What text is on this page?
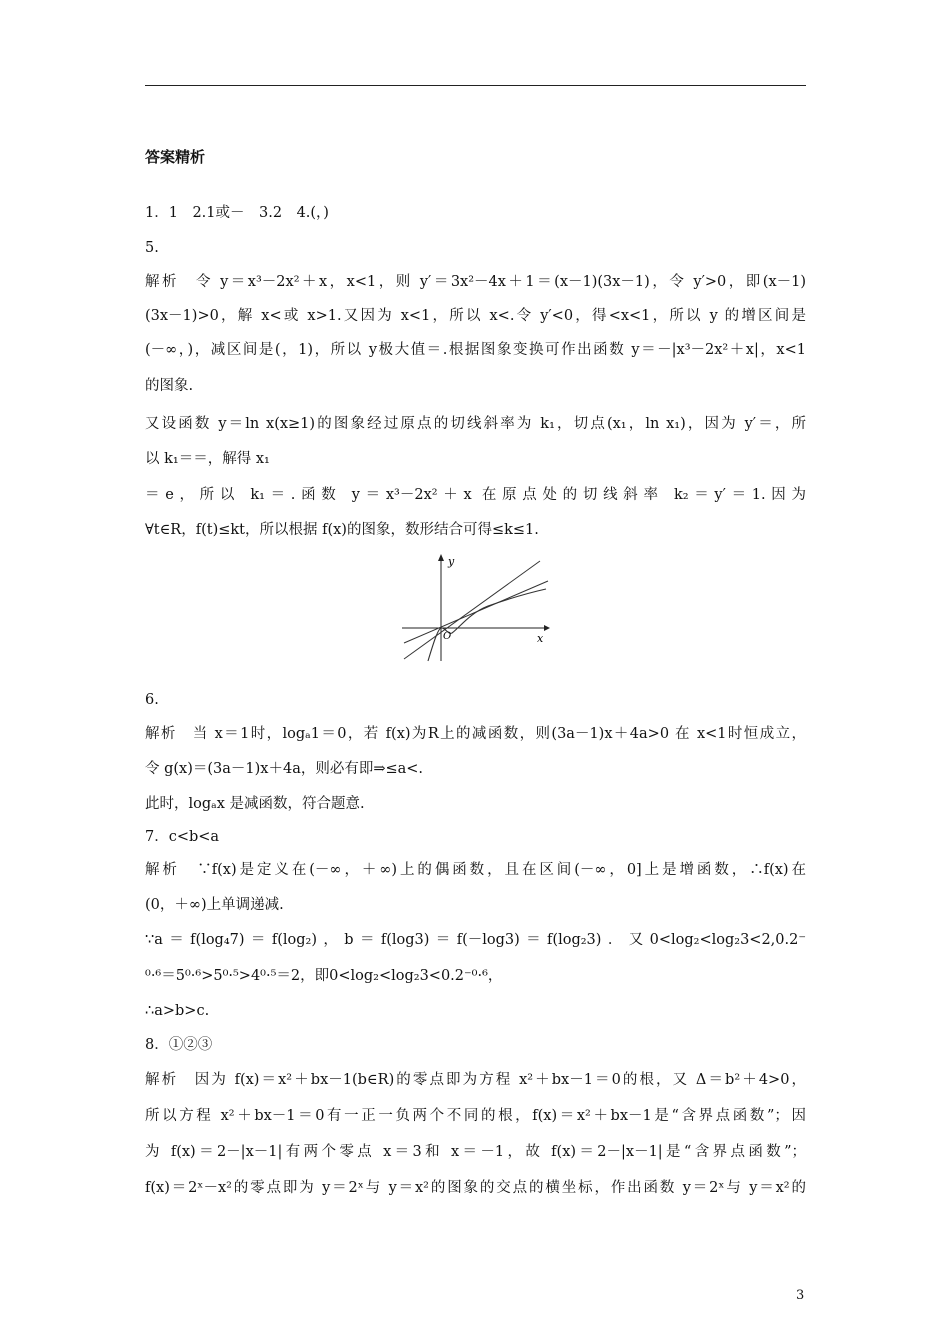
答案精析
1．1　2.1或－　3.2　4.(，)
5.
解析　令 y＝x³－2x²＋x，x<1，则 y′＝3x²－4x＋1＝(x－1)(3x－1)，令 y′>0，即(x－1)
(3x－1)>0，解 x<或 x>1.又因为 x<1，所以 x<.令 y′<0，得<x<1，所以 y 的增区间是
(－∞，)，减区间是(，1)，所以 y极大值＝.根据图象变换可作出函数 y＝－|x³－2x²＋x|，x<1
的图象.
又设函数 y＝ln x(x≥1)的图象经过原点的切线斜率为 k₁，切点(x₁，ln x₁)，因为 y′＝，所
以 k₁＝＝，解得 x₁
＝e，所以 k₁＝.函数 y＝x³－2x²＋x 在原点处的切线斜率 k₂＝y′＝1.因为
∀t∈R，f(t)≤kt，所以根据 f(x)的图象，数形结合可得≤k≤1.
y
x
O
6.
解析　当 x＝1时，logₐ1＝0，若 f(x)为R上的减函数，则(3a－1)x＋4a>0 在 x<1时恒成立，
令 g(x)＝(3a－1)x＋4a，则必有即⇒≤a<.
此时，logₐx 是减函数，符合题意.
7．c<b<a
解析　∵f(x)是定义在(－∞，＋∞)上的偶函数，且在区间(－∞，0]上是增函数，∴f(x)在
(0，＋∞)上单调递减.
∵a＝f(log₄7)＝f(log₂)，b＝f(log3)＝f(－log3)＝f(log₂3)．又0<log₂<log₂3<2,0.2⁻
⁰·⁶＝5⁰·⁶>5⁰·⁵>4⁰·⁵＝2，即0<log₂<log₂3<0.2⁻⁰·⁶，
∴a>b>c.
8．①②③
解析　因为 f(x)＝x²＋bx－1(b∈R)的零点即为方程 x²＋bx－1＝0的根，又 Δ＝b²＋4>0，
所以方程 x²＋bx－1＝0有一正一负两个不同的根，f(x)＝x²＋bx－1是“含界点函数”；因
为 f(x)＝2－|x－1|有两个零点 x＝3和 x＝－1，故 f(x)＝2－|x－1|是“含界点函数”；
f(x)＝2ˣ－x²的零点即为 y＝2ˣ与 y＝x²的图象的交点的横坐标，作出函数 y＝2ˣ与 y＝x²的
3
